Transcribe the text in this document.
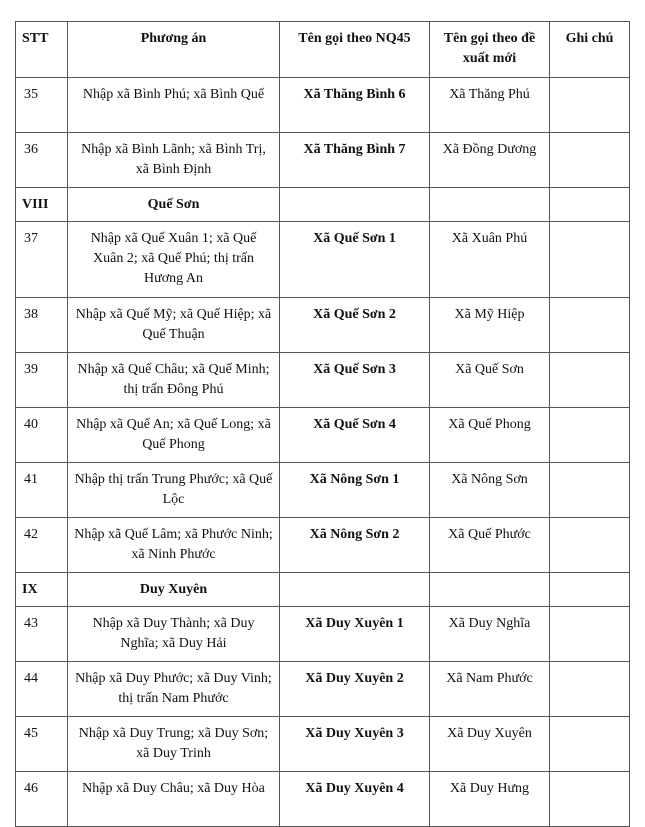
STT	Phương án	Tên gọi theo NQ45	Tên gọi theo đề xuất mới	Ghi chú
35	Nhập xã Bình Phú; xã Bình Quế	Xã Thăng Bình 6	Xã Thăng Phú	
36	Nhập xã Bình Lãnh; xã Bình Trị, xã Bình Định	Xã Thăng Bình 7	Xã Đồng Dương	
VIII	Quế Sơn			
37	Nhập xã Quế Xuân 1; xã Quế Xuân 2; xã Quế Phú; thị trấn Hương An	Xã Quế Sơn 1	Xã Xuân Phú	
38	Nhập xã Quế Mỹ; xã Quế Hiệp; xã Quế Thuận	Xã Quế Sơn 2	Xã Mỹ Hiệp	
39	Nhập xã Quế Châu; xã Quế Minh; thị trấn Đông Phú	Xã Quế Sơn 3	Xã Quế Sơn	
40	Nhập xã Quế An; xã Quế Long; xã Quế Phong	Xã Quế Sơn 4	Xã Quế Phong	
41	Nhập thị trấn Trung Phước; xã Quế Lộc	Xã Nông Sơn 1	Xã Nông Sơn	
42	Nhập xã Quế Lâm; xã Phước Ninh; xã Ninh Phước	Xã Nông Sơn 2	Xã Quế Phước	
IX	Duy Xuyên			
43	Nhập xã Duy Thành; xã Duy Nghĩa; xã Duy Hải	Xã Duy Xuyên 1	Xã Duy Nghĩa	
44	Nhập xã Duy Phước; xã Duy Vinh; thị trấn Nam Phước	Xã Duy Xuyên 2	Xã Nam Phước	
45	Nhập xã Duy Trung; xã Duy Sơn; xã Duy Trinh	Xã Duy Xuyên 3	Xã Duy Xuyên	
46	Nhập xã Duy Châu; xã Duy Hòa	Xã Duy Xuyên 4	Xã Duy Hưng	
